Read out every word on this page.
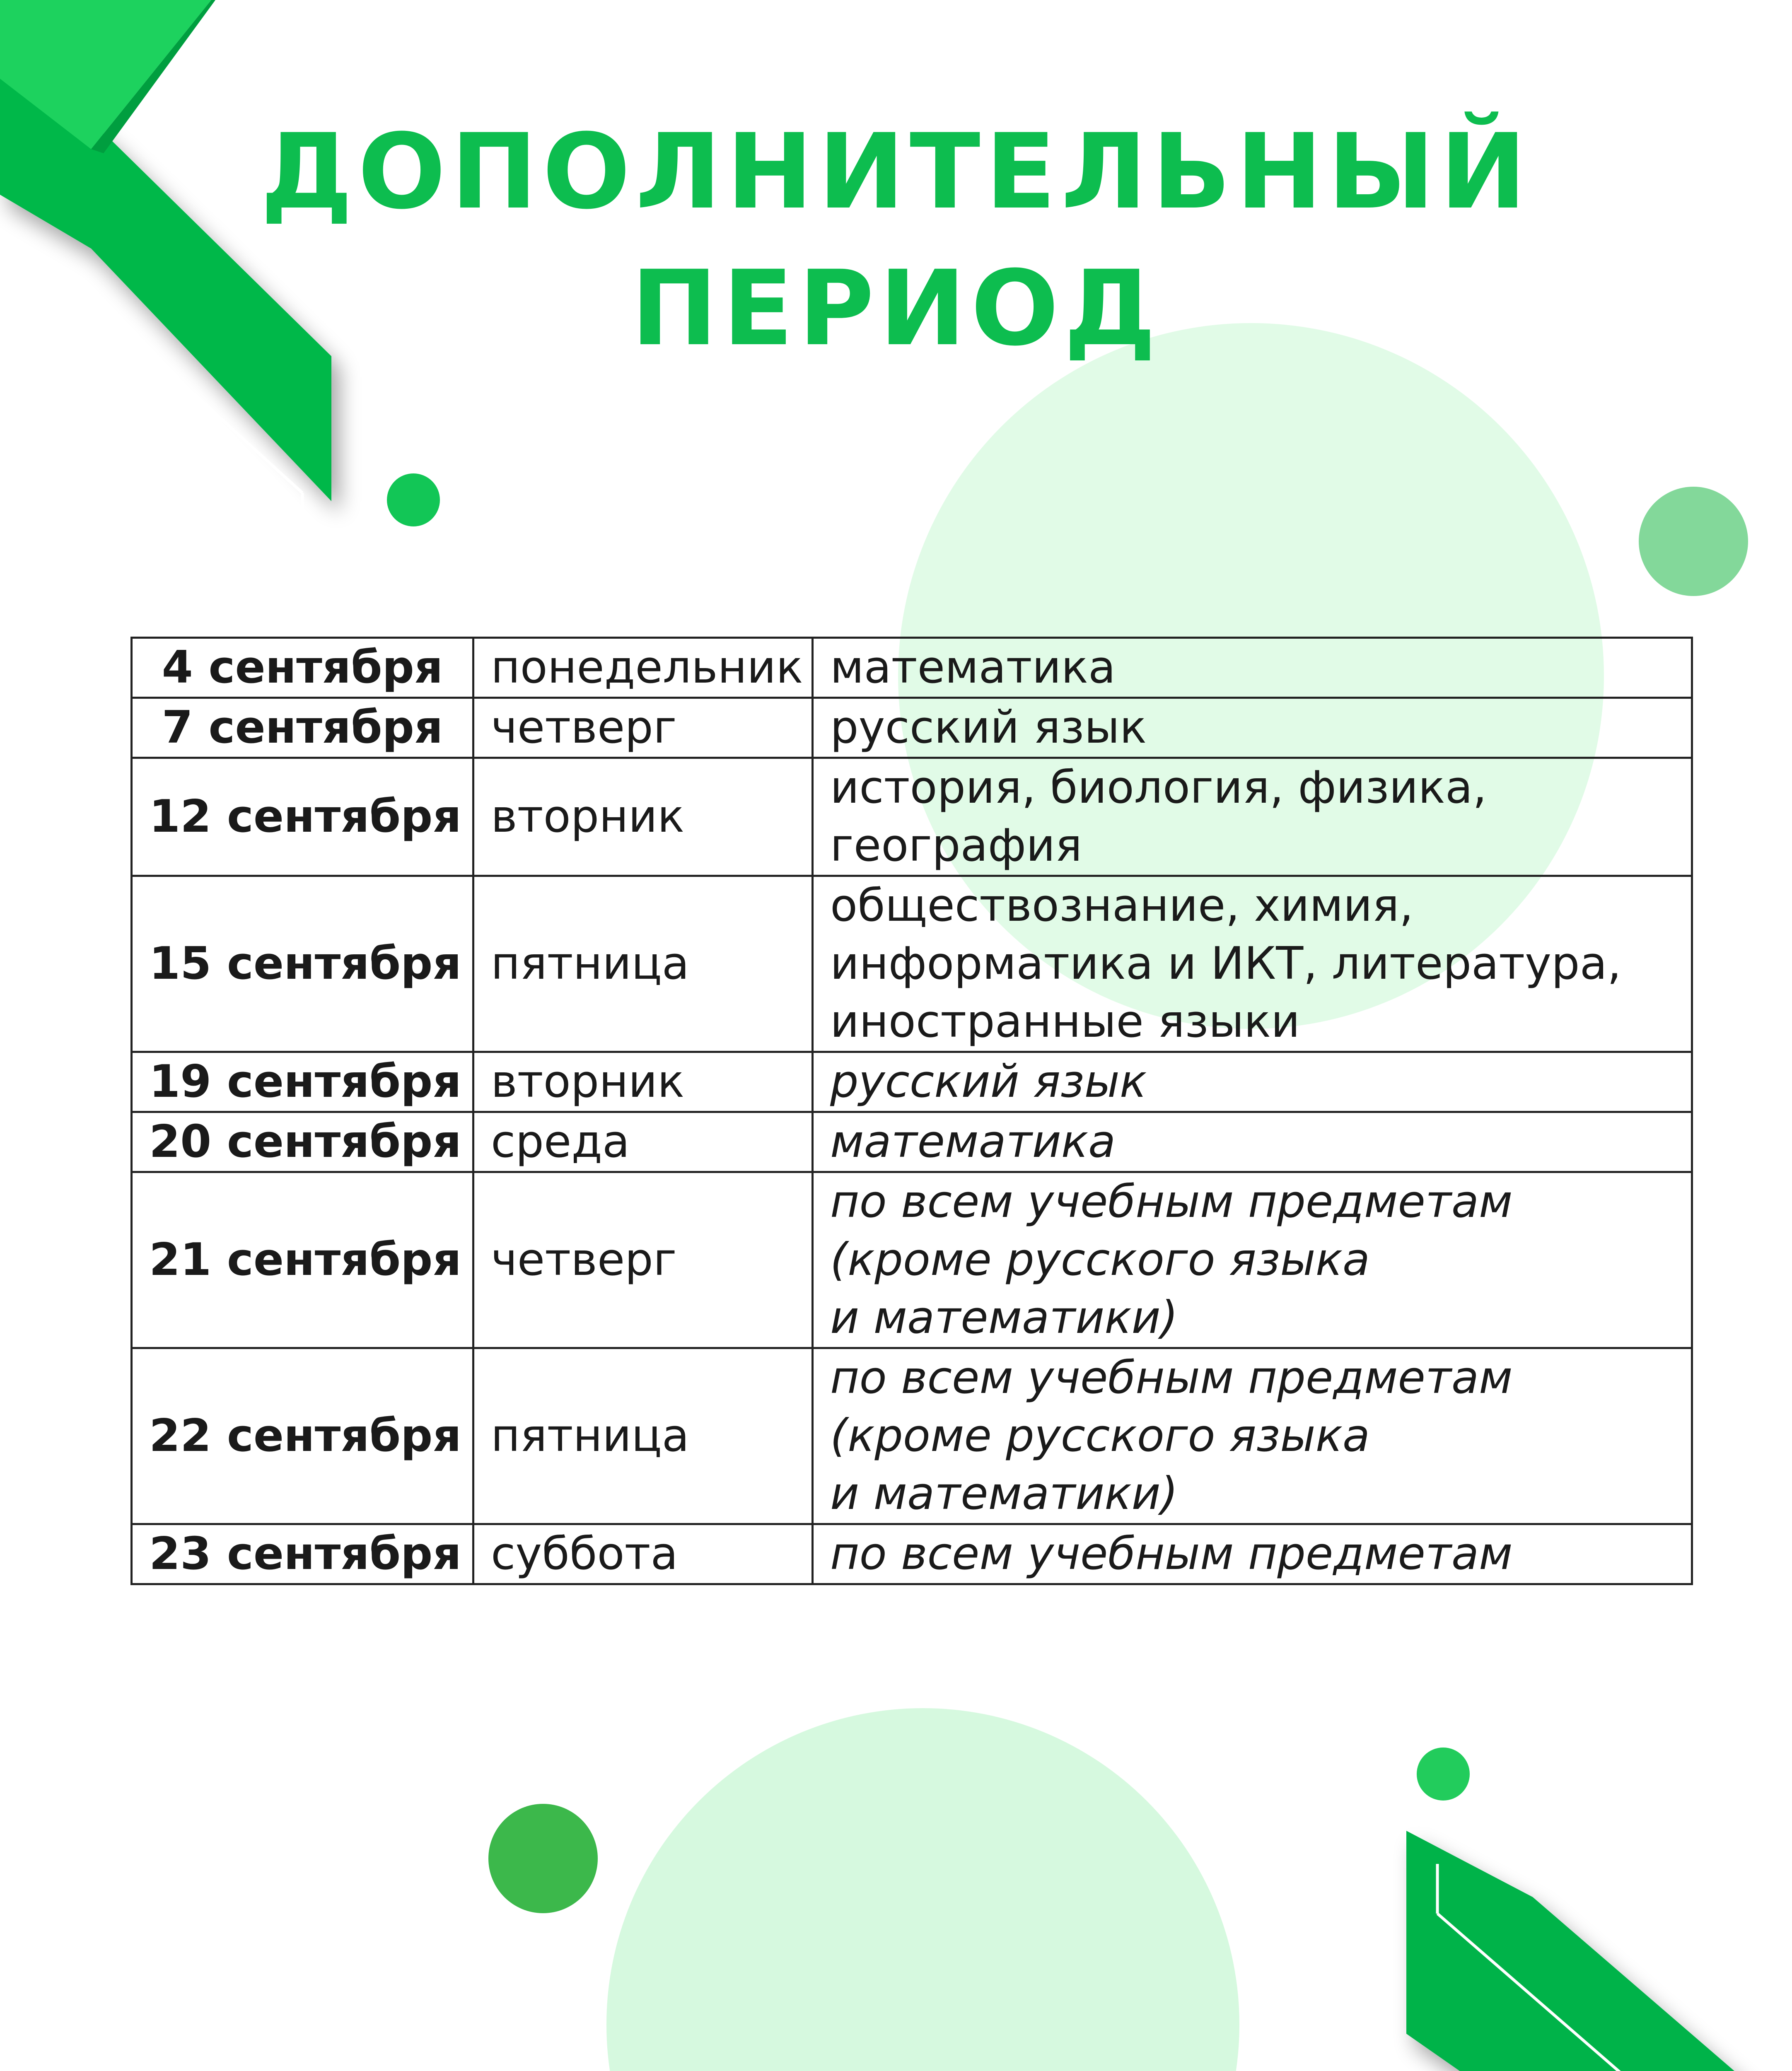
ДОПОЛНИТЕЛЬНЫЙ
ПЕРИОД
4 сентября	понедельник	математика

7 сентября	четверг	русский язык

12 сентября	вторник	история, биология, физика,
география

15 сентября	пятница	обществознание, химия,
информатика и ИКТ, литература,
иностранные языки

19 сентября	вторник	русский язык

20 сентября	среда	математика

21 сентября	четверг	по всем учебным предметам
(кроме русского языка
и математики)

22 сентября	пятница	по всем учебным предметам
(кроме русского языка
и математики)

23 сентября	суббота	по всем учебным предметам
